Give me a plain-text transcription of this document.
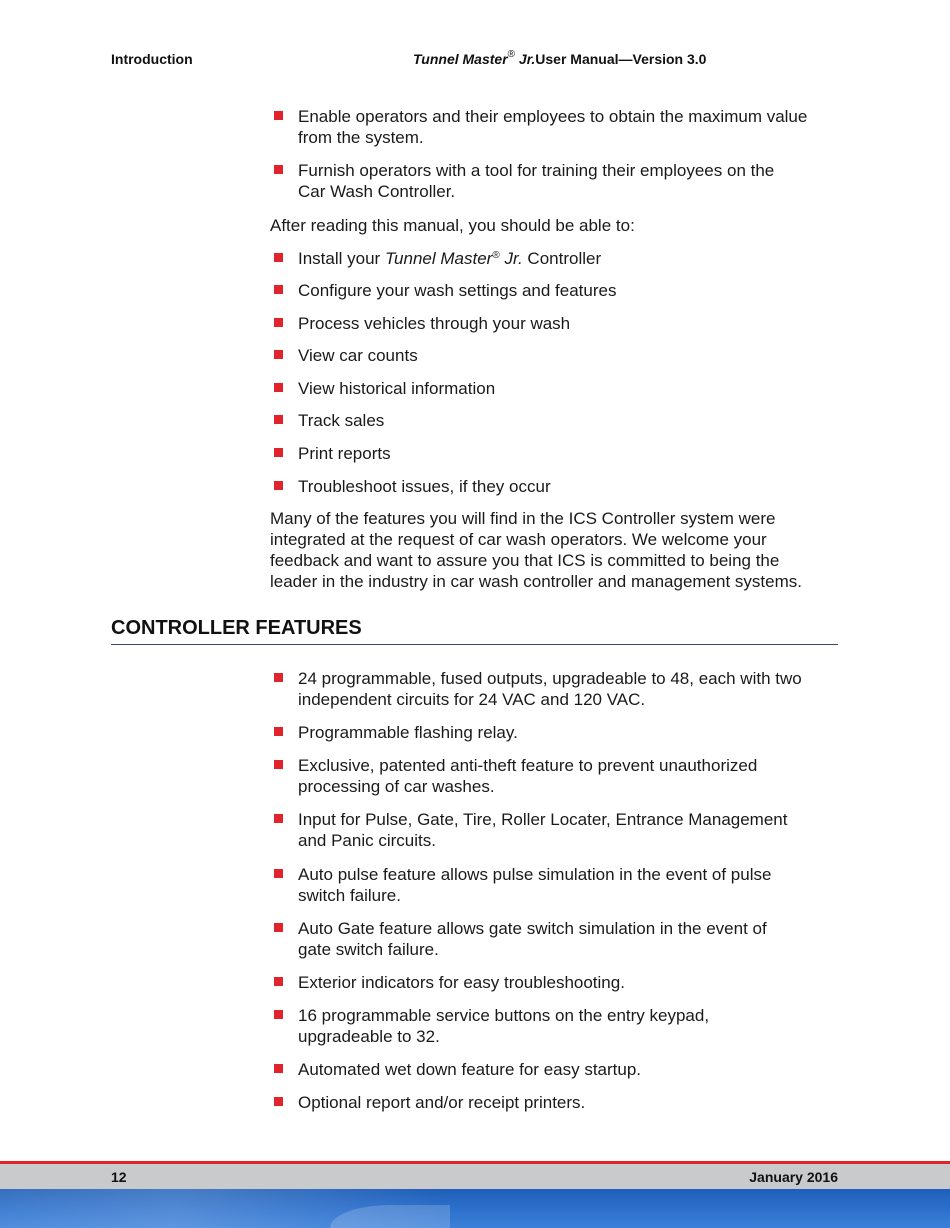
Introduction	Tunnel Master® Jr.User Manual—Version 3.0
Enable operators and their employees to obtain the maximum value
from the system.
Furnish operators with a tool for training their employees on the
Car Wash Controller.
After reading this manual, you should be able to:
Install your Tunnel Master® Jr. Controller
Configure your wash settings and features
Process vehicles through your wash
View car counts
View historical information
Track sales
Print reports
Troubleshoot issues, if they occur
Many of the features you will find in the ICS Controller system were
integrated at the request of car wash operators. We welcome your
feedback and want to assure you that ICS is committed to being the
leader in the industry in car wash controller and management systems.
CONTROLLER FEATURES
24 programmable, fused outputs, upgradeable to 48, each with two
independent circuits for 24 VAC and 120 VAC.
Programmable flashing relay.
Exclusive, patented anti-theft feature to prevent unauthorized
processing of car washes.
Input for Pulse, Gate, Tire, Roller Locater, Entrance Management
and Panic circuits.
Auto pulse feature allows pulse simulation in the event of pulse
switch failure.
Auto Gate feature allows gate switch simulation in the event of
gate switch failure.
Exterior indicators for easy troubleshooting.
16 programmable service buttons on the entry keypad,
upgradeable to 32.
Automated wet down feature for easy startup.
Optional report and/or receipt printers.
12	January 2016
